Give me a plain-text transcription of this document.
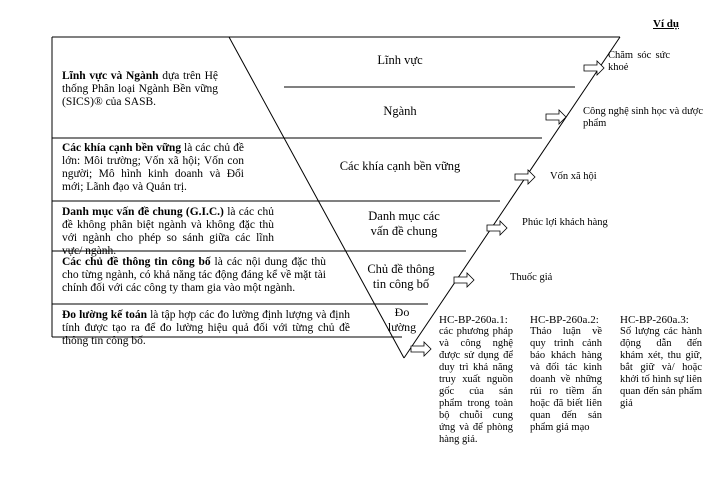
Ví dụ
Lĩnh vực và Ngành dựa trên Hệ thống Phân loại Ngành Bền vững (SICS)® của SASB.
Các khía cạnh bền vững là các chủ đề lớn: Môi trường; Vốn xã hội; Vốn con người; Mô hình kinh doanh và Đổi mới; Lãnh đạo và Quản trị.
Danh mục vấn đề chung (G.I.C.) là các chủ đề không phân biệt ngành và không đặc thù với ngành cho phép so sánh giữa các lĩnh vực/ ngành.
Các chủ đề thông tin công bố là các nội dung đặc thù cho từng ngành, có khả năng tác động đáng kể về mặt tài chính đối với các công ty tham gia vào một ngành.
Đo lường kế toán là tập hợp các đo lường định lượng và định tính được tạo ra để đo lường hiệu quả đối với từng chủ đề thông tin công bố.
Lĩnh vực
Ngành
Các khía cạnh bền vững
Danh mục các vấn đề chung
Chủ đề thông tin công bố
Đo lường
Chăm sóc sức khoẻ
Công nghệ sinh học và dược phẩm
Vốn xã hội
Phúc lợi khách hàng
Thuốc giả
HC-BP-260a.1:
các phương pháp và công nghệ được sử dụng để duy trì khả năng truy xuất nguồn gốc của sản phẩm trong toàn bộ chuỗi cung ứng và để phòng hàng giả.
HC-BP-260a.2:
Thảo luận về quy trình cảnh báo khách hàng và đối tác kinh doanh về những rủi ro tiềm ẩn hoặc đã biết liên quan đến sản phẩm giả mạo
HC-BP-260a.3:
Số lượng các hành động dẫn đến khám xét, thu giữ, bắt giữ và/ hoặc khởi tố hình sự liên quan đến sản phẩm giả
